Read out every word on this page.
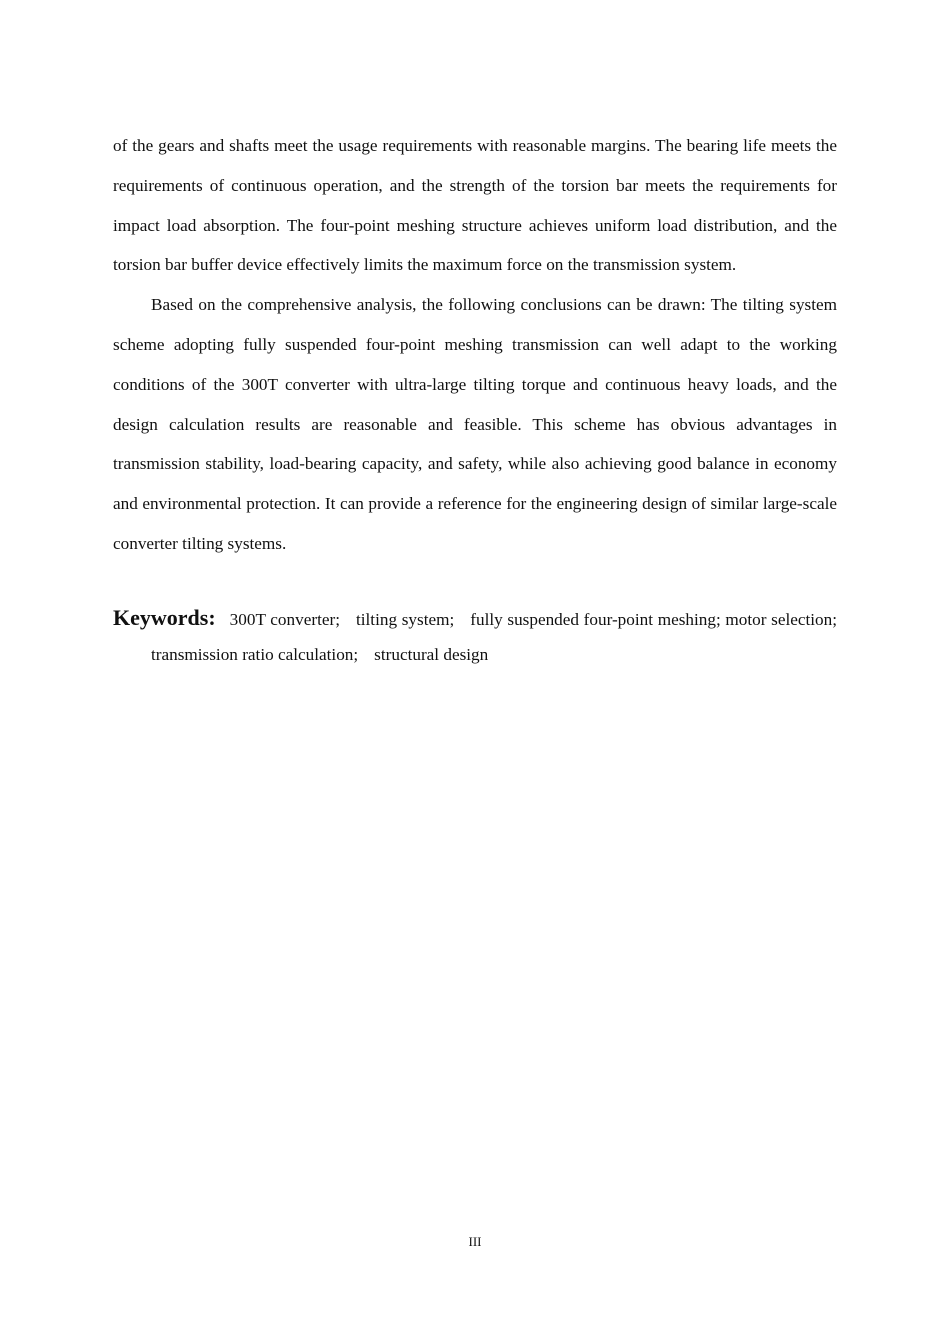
of the gears and shafts meet the usage requirements with reasonable margins. The bearing life meets the requirements of continuous operation, and the strength of the torsion bar meets the requirements for impact load absorption. The four-point meshing structure achieves uniform load distribution, and the torsion bar buffer device effectively limits the maximum force on the transmission system.

Based on the comprehensive analysis, the following conclusions can be drawn: The tilting system scheme adopting fully suspended four-point meshing transmission can well adapt to the working conditions of the 300T converter with ultra-large tilting torque and continuous heavy loads, and the design calculation results are reasonable and feasible. This scheme has obvious advantages in transmission stability, load-bearing capacity, and safety, while also achieving good balance in economy and environmental protection. It can provide a reference for the engineering design of similar large-scale converter tilting systems.

Keywords: 300T converter; tilting system; fully suspended four-point meshing; motor selection;transmission ratio calculation; structural design
III
